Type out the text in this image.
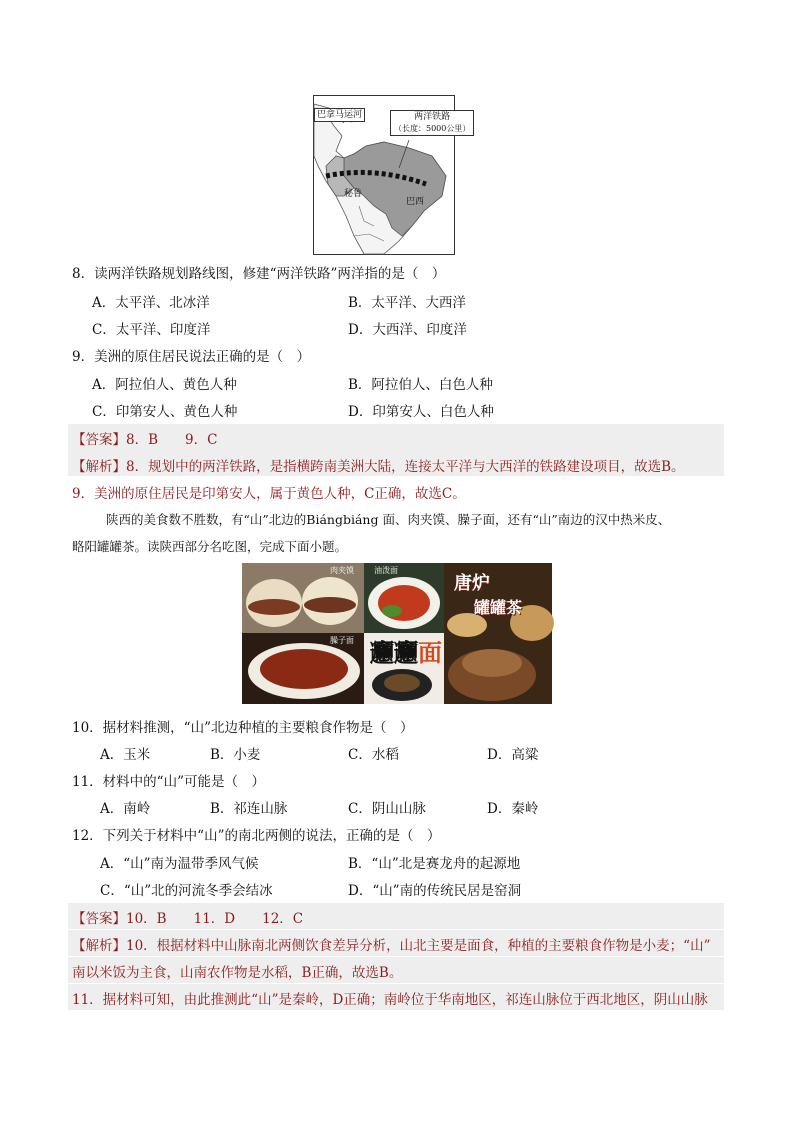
巴拿马运河	两洋铁路
（长度：5000公里）
秘鲁
巴西
8．读两洋铁路规划路线图，修建“两洋铁路”两洋指的是（　）
A．太平洋、北冰洋	B．太平洋、大西洋
C．太平洋、印度洋	D．大西洋、印度洋
9．美洲的原住居民说法正确的是（　）
A．阿拉伯人、黄色人种	B．阿拉伯人、白色人种
C．印第安人、黄色人种	D．印第安人、白色人种
【答案】8．B　　9．C
【解析】8．规划中的两洋铁路，是指横跨南美洲大陆，连接太平洋与大西洋的铁路建设项目，故选B。
9．美洲的原住居民是印第安人，属于黄色人种，C正确，故选C。
陕西的美食数不胜数，有“山”北边的Biángbiáng 面、肉夹馍、臊子面，还有“山”南边的汉中热米皮、
略阳罐罐茶。读陕西部分名吃图，完成下面小题。
肉夹馍	油泼面
臊子面
唐炉
罐罐茶
𰻞𰻞面
10．据材料推测，“山”北边种植的主要粮食作物是（　）
A．玉米	B．小麦	C．水稻	D．高粱
11．材料中的“山”可能是（　）
A．南岭	B．祁连山脉	C．阴山山脉	D．秦岭
12．下列关于材料中“山”的南北两侧的说法，正确的是（　）
A．“山”南为温带季风气候	B．“山”北是赛龙舟的起源地
C．“山”北的河流冬季会结冰	D．“山”南的传统民居是窑洞
【答案】10．B　　11．D　　12．C
【解析】10．根据材料中山脉南北两侧饮食差异分析，山北主要是面食，种植的主要粮食作物是小麦；“山”
南以米饭为主食，山南农作物是水稻，B正确，故选B。
11．据材料可知，由此推测此“山”是秦岭，D正确；南岭位于华南地区，祁连山脉位于西北地区，阴山山脉
